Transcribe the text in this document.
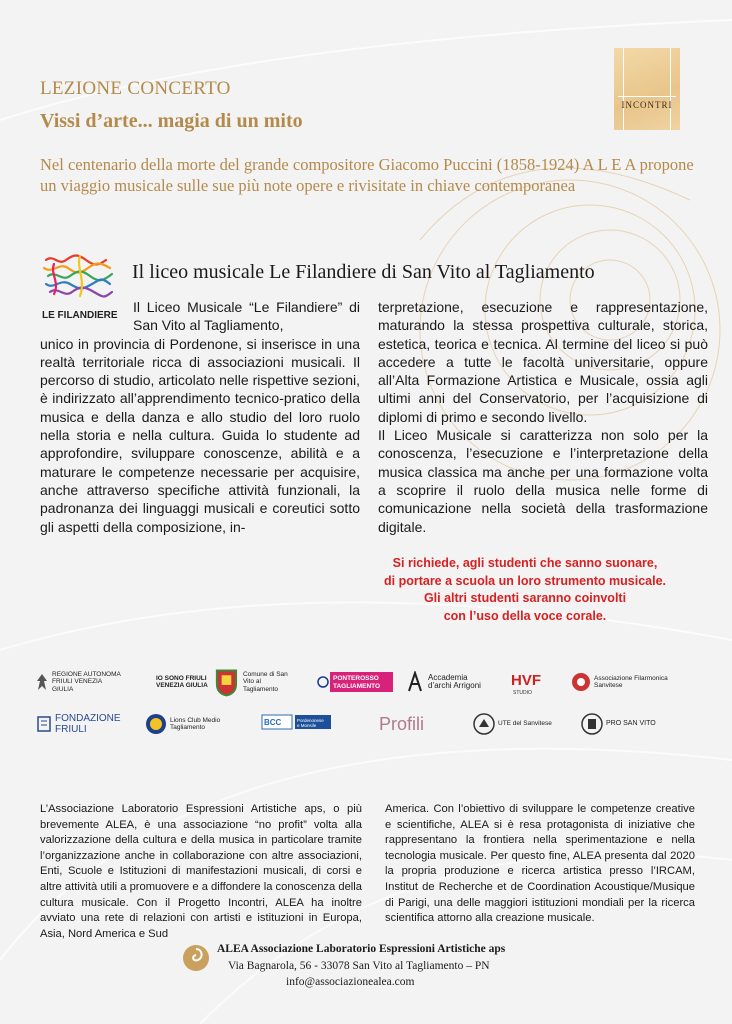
INCONTRI
LEZIONE CONCERTO
Vissi d’arte... magia di un mito
Nel centenario della morte del grande compositore Giacomo Puccini (1858-1924) A L E A propone un viaggio musicale sulle sue più note opere e rivisitate in chiave contemporanea
LE FILANDIERE
Il liceo musicale Le Filandiere di San Vito al Tagliamento

Il Liceo Musicale “Le Filandiere” di San Vito al Tagliamento,

unico in provincia di Pordenone, si inserisce in una realtà territoriale ricca di associazioni musicali. Il percorso di studio, articolato nelle rispettive sezioni, è indirizzato all’apprendimento tecnico-pratico della musica e della danza e allo studio del loro ruolo nella storia e nella cultura. Guida lo studente ad approfondire, sviluppare conoscenze, abilità e a maturare le competenze necessarie per acquisire, anche attraverso specifiche attività funzionali, la padronanza dei linguaggi musicali e coreutici sotto gli aspetti della composizione, in-

terpretazione, esecuzione e rappresentazione, maturando la stessa prospettiva culturale, storica, estetica, teorica e tecnica. Al termine del liceo si può accedere a tutte le facoltà universitarie, oppure all’Alta Formazione Artistica e Musicale, ossia agli ultimi anni del Conservatorio, per l’acquisizione di diplomi di primo e secondo livello.

Il Liceo Musicale si caratterizza non solo per la conoscenza, l’esecuzione e l’interpretazione della musica classica ma anche per una formazione volta a scoprire il ruolo della musica nelle forme di comunicazione nella società della trasformazione digitale.

Si richiede, agli studenti che sanno suonare,
di portare a scuola un loro strumento musicale.
Gli altri studenti saranno coinvolti
con l’uso della voce corale.
REGIONE AUTONOMA FRIULI VENEZIA GIULIA
IO SONO FRIULI VENEZIA GIULIA
Comune di San Vito al Tagliamento
PONTEROSSO
TAGLIAMENTO
Accademia d’archi Arrigoni	HVF
STUDIO
Associazione Filarmonica Sanvitese
FONDAZIONE FRIULI
Lions Club Medio Tagliamento
BCC	Pordenonese
e Monsile	Profili	UTE del Sanvitese	PRO SAN VITO

L’Associazione Laboratorio Espressioni Artistiche aps, o più brevemente ALEA, è una associazione “no profit” volta alla valorizzazione della cultura e della musica in particolare tramite l’organizzazione anche in collaborazione con altre associazioni, Enti, Scuole e Istituzioni di manifestazioni musicali, di corsi e altre attività utili a promuovere e a diffondere la conoscenza della cultura musicale. Con il Progetto Incontri, ALEA ha inoltre avviato una rete di relazioni con artisti e istituzioni in Europa, Asia, Nord America e Sud

America. Con l’obiettivo di sviluppare le competenze creative e scientifiche, ALEA si è resa protagonista di iniziative che rappresentano la frontiera nella sperimentazione e nella tecnologia musicale. Per questo fine, ALEA presenta dal 2020 la propria produzione e ricerca artistica presso l’IRCAM, Institut de Recherche et de Coordination Acoustique/Musique di Parigi, una delle maggiori istituzioni mondiali per la ricerca scientifica attorno alla creazione musicale.

ALEA Associazione Laboratorio Espressioni Artistiche aps
Via Bagnarola, 56 - 33078 San Vito al Tagliamento – PN
info@associazionealea.com
